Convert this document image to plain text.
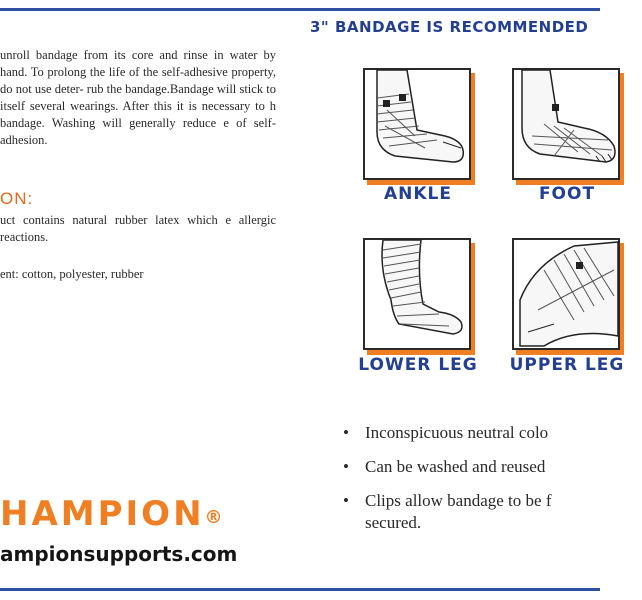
unroll bandage from its core and rinse in water by hand. To prolong the life of the self-adhesive property, do not use deter- rub the bandage.Bandage will stick to itself several wearings. After this it is necessary to h bandage. Washing will generally reduce e of self-adhesion.

ON:

uct contains natural rubber latex which e allergic reactions.

ent: cotton, polyester, rubber

HAMPION®
ampionsupports.com
3" BANDAGE IS RECOMMENDED
ANKLE	FOOT
LOWER LEG	UPPER LEG
• Inconspicuous neutral colo
• Can be washed and reused
• Clips allow bandage to be f
secured.
